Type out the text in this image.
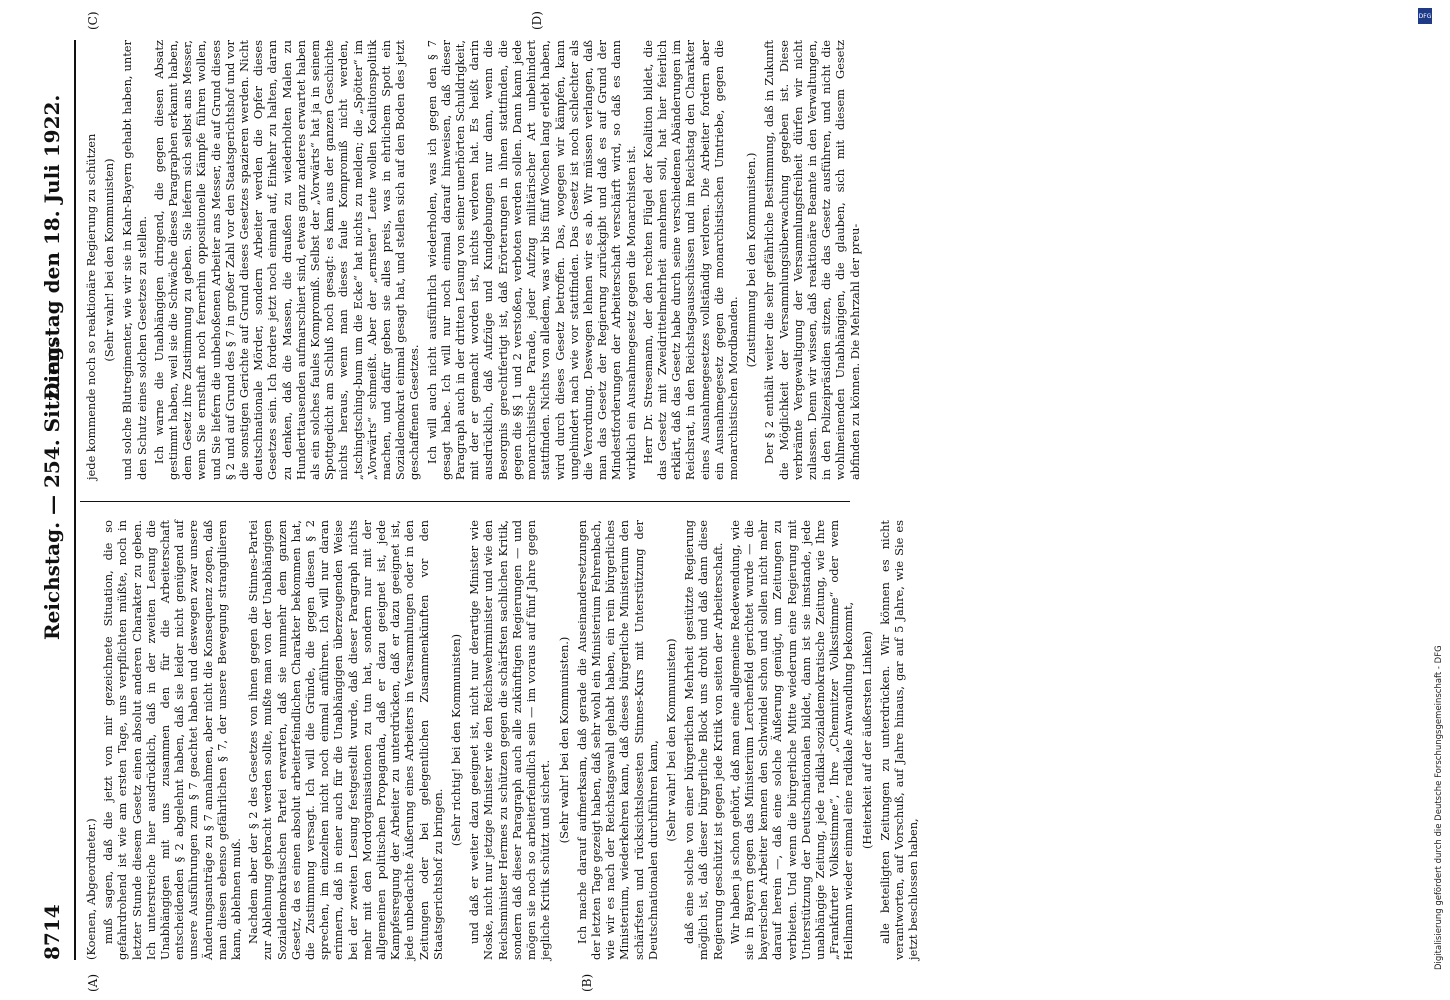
8714
Reichstag. — 254. Sitzung.
Dienstag den 18. Juli 1922.
(A)	(B)
(C)	(D)

(Koenen, Abgeordneter.) muß sagen, daß die jetzt von mir gezeichnete Situation, die so gefahrdrohend ist wie am ersten Tage, uns verpflichten müßte, noch in letzter Stunde diesem Gesetz einen absolut anderen Charakter zu geben. Ich unterstreiche hier ausdrücklich, daß in der zweiten Lesung die Unabhängigen mit uns zusammen den für die Arbeiterschaft entscheidenden § 2 abgelehnt haben, daß sie leider nicht genügend auf unsere Ausführungen zum § 7 geachtet haben und deswegen zwar unsere Änderungsanträge zu § 7 annahmen, aber nicht die Konsequenz zogen, daß man diesen ebenso gefährlichen § 7, der unsere Bewegung strangulieren kann, ablehnen muß. Nachdem aber der § 2 des Gesetzes von ihnen gegen die Stinnes-Partei zur Ablehnung gebracht werden sollte, mußte man von der Unabhängigen Sozialdemokratischen Partei erwarten, daß sie nunmehr dem ganzen Gesetz, da es einen absolut arbeiterfeindlichen Charakter bekommen hat, die Zustimmung versagt. Ich will die Gründe, die gegen diesen § 2 sprechen, im einzelnen nicht noch einmal anführen. Ich will nur daran erinnern, daß in einer auch für die Unabhängigen überzeugenden Weise bei der zweiten Lesung festgestellt wurde, daß dieser Paragraph nichts mehr mit den Mordorganisationen zu tun hat, sondern nur mit der allgemeinen politischen Propaganda, daß er dazu geeignet ist, jede Kampfesregung der Arbeiter zu unterdrücken, daß er dazu geeignet ist, jede unbedachte Äußerung eines Arbeiters in Versammlungen oder in den Zeitungen oder bei gelegentlichen Zusammenkünften vor den Staatsgerichtshof zu bringen.

(Sehr richtig! bei den Kommunisten) und daß er weiter dazu geeignet ist, nicht nur derartige Minister wie Noske, nicht nur jetzige Minister wie den Reichswehrminister und wie den Reichsminister Hermes zu schützen gegen die schärfsten sachlichen Kritik, sondern daß dieser Paragraph auch alle zukünftigen Regierungen — und mögen sie noch so arbeiterfeindlich sein — im voraus auf fünf Jahre gegen jegliche Kritik schützt und sichert.

(Sehr wahr! bei den Kommunisten.) Ich mache darauf aufmerksam, daß gerade die Auseinandersetzungen der letzten Tage gezeigt haben, daß sehr wohl ein Ministerium Fehrenbach, wie wir es nach der Reichstagswahl gehabt haben, ein rein bürgerliches Ministerium, wiederkehren kann, daß dieses bürgerliche Ministerium den schärfsten und rücksichtslosesten Stinnes-Kurs mit Unterstützung der Deutschnationalen durchführen kann,

(Sehr wahr! bei den Kommunisten) daß eine solche von einer bürgerlichen Mehrheit gestützte Regierung möglich ist, daß dieser bürgerliche Block uns droht und daß dann diese Regierung geschützt ist gegen jede Kritik von seiten der Arbeiterschaft. Wir haben ja schon gehört, daß man eine allgemeine Redewendung, wie sie in Bayern gegen das Ministerium Lerchenfeld gerichtet wurde — die bayerischen Arbeiter kennen den Schwindel schon und sollen nicht mehr darauf herein —, daß eine solche Äußerung genügt, um Zeitungen zu verbieten. Und wenn die bürgerliche Mitte wiederum eine Regierung mit Unterstützung der Deutschnationalen bildet, dann ist sie imstande, jede unabhängige Zeitung, jede radikal-sozialdemokratische Zeitung, wie Ihre „Frankfurter Volksstimme“, Ihre „Chemnitzer Volksstimme“ oder wem Heilmann wieder einmal eine radikale Anwandlung bekommt, (Heiterkeit auf der äußersten Linken) alle beteiligten Zeitungen zu unterdrücken. Wir können es nicht verantworten, auf Vorschuß, auf Jahre hinaus, gar auf 5 Jahre, wie Sie es jetzt beschlossen haben,

jede kommende noch so reaktionäre Regierung zu schützen (Sehr wahr! bei den Kommunisten) und solche Blutregimenter, wie wir sie in Kahr-Bayern gehabt haben, unter den Schutz eines solchen Gesetzes zu stellen. Ich warne die Unabhängigen dringend, die gegen diesen Absatz gestimmt haben, weil sie die Schwäche dieses Paragraphen erkannt haben, dem Gesetz ihre Zustimmung zu geben. Sie liefern sich selbst ans Messer, wenn Sie ernsthaft noch fernerhin oppositionelle Kämpfe führen wollen, und Sie liefern die unbehoßenen Arbeiter ans Messer, die auf Grund dieses § 2 und auf Grund des § 7 in großer Zahl vor den Staatsgerichtshof und vor die sonstigen Gerichte auf Grund dieses Gesetzes spazieren werden. Nicht deutschnationale Mörder, sondern Arbeiter werden die Opfer dieses Gesetzes sein. Ich fordere jetzt noch einmal auf, Einkehr zu halten, daran zu denken, daß die Massen, die draußen zu wiederholten Malen zu Hunderttausenden aufmarschiert sind, etwas ganz anderes erwartet haben als ein solches faules Kompromiß. Selbst der „Vorwärts“ hat ja in seinem Spottgedicht am Schluß noch gesagt: es kam aus der ganzen Geschichte nichts heraus, wenn man dieses faule Kompromiß nicht werden, „tschingtsching-bum um die Ecke“ hat nichts zu melden; die „Spötter“ im „Vorwärts“ schmeißt. Aber der „ernsten“ Leute wollen Koalitionspolitik machen, und dafür geben sie alles preis, was in ehrlichem Spott ein Sozialdemokrat einmal gesagt hat, und stellen sich auf den Boden des jetzt geschaffenen Gesetzes. Ich will auch nicht ausführlich wiederholen, was ich gegen den § 7 gesagt habe. Ich will nur noch einmal darauf hinweisen, daß dieser Paragraph auch in der dritten Lesung von seiner unerhörten Schuldrigkeit, mit der er gemacht worden ist, nichts verloren hat. Es heißt darin ausdrücklich, daß Aufzüge und Kundgebungen nur dann, wenn die Besorgnis gerechtfertigt ist, daß Erörterungen in ihnen stattfinden, die gegen die §§ 1 und 2 verstoßen, verboten werden sollen. Dann kann jede monarchistische Parade, jeder Aufzug militärischer Art unbehindert stattfinden. Nichts von alledem, was wir bis fünf Wochen lang erlebt haben, wird durch dieses Gesetz betroffen. Das, wogegen wir kämpfen, kann ungehindert nach wie vor stattfinden. Das Gesetz ist noch schlechter als die Verordnung. Deswegen lehnen wir es ab. Wir müssen verlangen, daß man das Gesetz der Regierung zurückgibt und daß es auf Grund der Mindestforderungen der Arbeiterschaft verschärft wird, so daß es dann wirklich ein Ausnahmegesetz gegen die Monarchisten ist. Herr Dr. Stresemann, der den rechten Flügel der Koalition bildet, die das Gesetz mit Zweidrittelmehrheit annehmen soll, hat hier feierlich erklärt, daß das Gesetz habe durch seine verschiedenen Abänderungen im Reichsrat, in den Reichstagsausschüssen und im Reichstag den Charakter eines Ausnahmegesetzes vollständig verloren. Die Arbeiter fordern aber ein Ausnahmegesetz gegen die monarchistischen Umtriebe, gegen die monarchistischen Mordbanden.

(Zustimmung bei den Kommunisten.) Der § 2 enthält weiter die sehr gefährliche Bestimmung, daß in Zukunft die Möglichkeit der Versammlungsüberwachung gegeben ist. Diese verbrämte Vergewaltigung der Versammlungsfreiheit dürfen wir nicht zulassen. Denn wir wissen, daß reaktionäre Beamte in den Verwaltungen, in den Polizeipräsidien sitzen, die das Gesetz ausführen, und nicht die wohlmeinenden Unabhängigen, die glauben, sich mit diesem Gesetz abfinden zu können. Die Mehrzahl der preu-

DFG
Digitalisierung gefördert durch die Deutsche Forschungsgemeinschaft - DFG
